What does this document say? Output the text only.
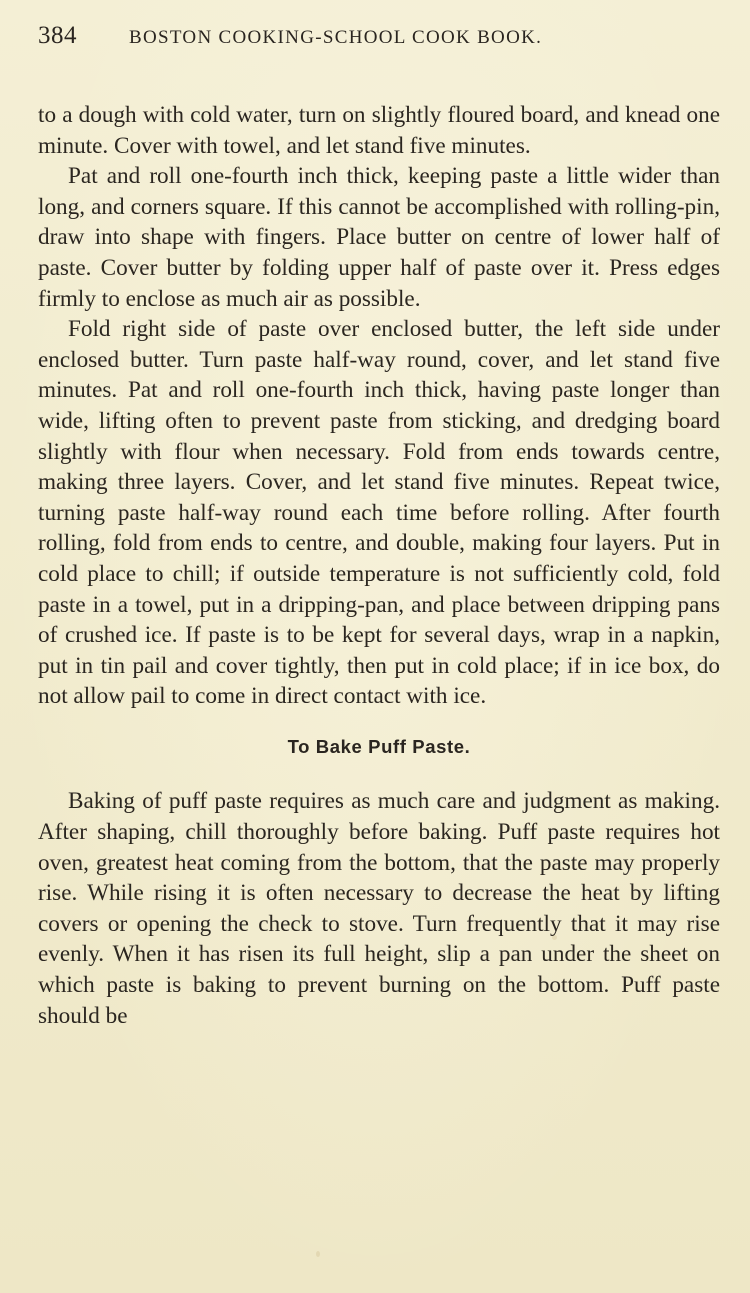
384	BOSTON COOKING-SCHOOL COOK BOOK.

to a dough with cold water, turn on slightly floured board, and knead one minute. Cover with towel, and let stand five minutes.

Pat and roll one-fourth inch thick, keeping paste a little wider than long, and corners square. If this cannot be accomplished with rolling-pin, draw into shape with fingers. Place butter on centre of lower half of paste. Cover butter by folding upper half of paste over it. Press edges firmly to enclose as much air as possible.

Fold right side of paste over enclosed butter, the left side under enclosed butter. Turn paste half-way round, cover, and let stand five minutes. Pat and roll one-fourth inch thick, having paste longer than wide, lifting often to prevent paste from sticking, and dredging board slightly with flour when necessary. Fold from ends towards centre, making three layers. Cover, and let stand five minutes. Repeat twice, turning paste half-way round each time before rolling. After fourth rolling, fold from ends to centre, and double, making four layers. Put in cold place to chill; if outside temperature is not sufficiently cold, fold paste in a towel, put in a dripping-pan, and place between dripping pans of crushed ice. If paste is to be kept for several days, wrap in a napkin, put in tin pail and cover tightly, then put in cold place; if in ice box, do not allow pail to come in direct contact with ice.

To Bake Puff Paste.

Baking of puff paste requires as much care and judgment as making. After shaping, chill thoroughly before baking. Puff paste requires hot oven, greatest heat coming from the bottom, that the paste may properly rise. While rising it is often necessary to decrease the heat by lifting covers or opening the check to stove. Turn frequently that it may rise evenly. When it has risen its full height, slip a pan under the sheet on which paste is baking to prevent burning on the bottom. Puff paste should be
